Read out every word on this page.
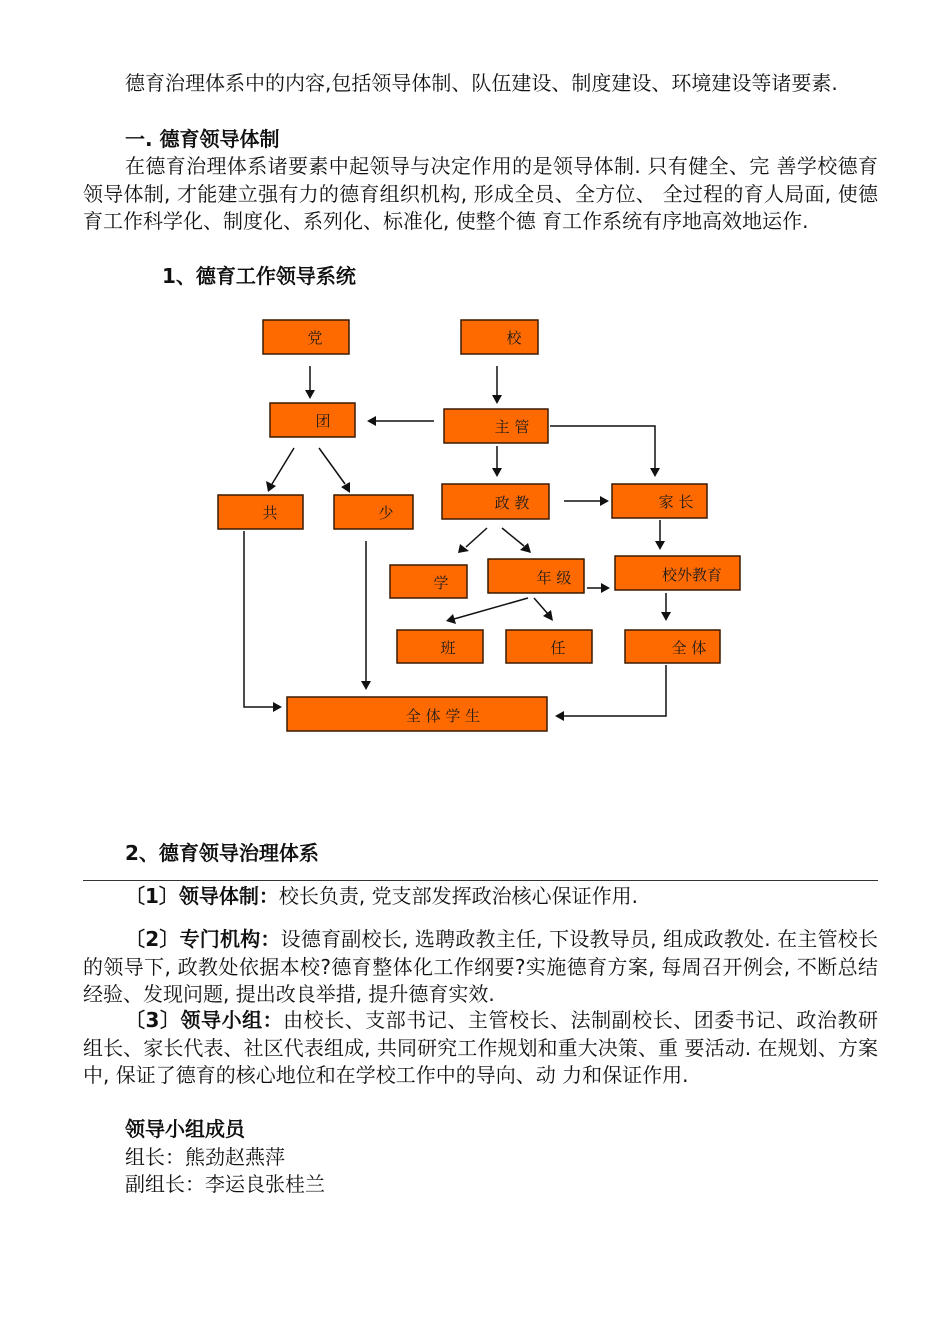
德育治理体系中的内容,包括领导体制、队伍建设、制度建设、环境建设等诸要素.

一. 德育领导体制

在德育治理体系诸要素中起领导与决定作用的是领导体制. 只有健全、完 善学校德育领导体制, 才能建立强有力的德育组织机构, 形成全员、全方位、 全过程的育人局面, 使德育工作科学化、制度化、系列化、标准化, 使整个德 育工作系统有序地高效地运作.

1、德育工作领导系统
党	校
团	主 管
共	少
政 教	家 长
学	年 级	校外教育
班	任	全 体
全 体 学 生
2、德育领导治理体系

〔1〕领导体制：校长负责, 党支部发挥政治核心保证作用.

〔2〕专门机构：设德育副校长, 选聘政教主任, 下设教导员, 组成政教处. 在主管校长的领导下, 政教处依据本校?德育整体化工作纲要?实施德育方案, 每周召开例会, 不断总结经验、发现问题, 提出改良举措, 提升德育实效.

〔3〕领导小组：由校长、支部书记、主管校长、法制副校长、团委书记、政治教研组长、家长代表、社区代表组成, 共同研究工作规划和重大决策、重 要活动. 在规划、方案中, 保证了德育的核心地位和在学校工作中的导向、动 力和保证作用.

领导小组成员
组长：熊劲赵燕萍
副组长：李运良张桂兰
